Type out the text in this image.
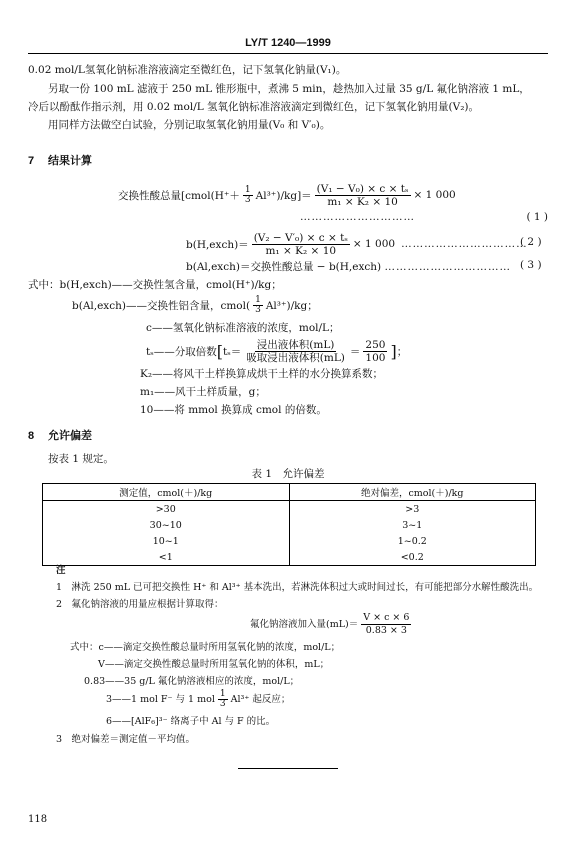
LY/T 1240—1999
0.02 mol/L氢氧化钠标准溶液滴定至微红色，记下氢氧化钠量(V₁)。
另取一份 100 mL 滤液于 250 mL 锥形瓶中，煮沸 5 min，趁热加入过量 35 g/L 氟化钠溶液 1 mL，
冷后以酚酞作指示剂，用 0.02 mol/L 氢氧化钠标准溶液滴定到微红色，记下氢氧化钠用量(V₂)。
用同样方法做空白试验，分别记取氢氧化钠用量(V₀ 和 V′₀)。
7 结果计算
交换性酸总量[cmol(H⁺＋ $\frac{1}{3} Al^{3+})/kg]= \frac{\text{(V₁ − V₀) × c × tₛ}}{\text{m₁ × K₂ × 10}} \times 1$ 000
…………………………	( 1 )
b(H,exch)＝ $\frac{\text{(V₂ − V′₀) × c × tₛ}}{\text{m₁ × K₂ × 10}} \times 1$ 000 ……………………………
( 2 )
b(Al,exch)＝交换性酸总量 − b(H,exch) …………………………… ( 3 )
式中：b(H,exch)——交换性氢含量，cmol(H⁺)/kg；
b(Al,exch)——交换性铝含量，cmol( $\frac{1}{3} Al^{3+})/kg$；
c——氢氧化钠标准溶液的浓度，mol/L；
tₛ——分取倍数 [ $t_s= \frac{\text{浸出液体积(mL)}}{\text{吸取浸出液体积(mL)}} = \frac{250}{100}$ ] ；
K₂——将风干土样换算成烘干土样的水分换算系数；
m₁——风干土样质量，g；
10——将 mmol 换算成 cmol 的倍数。
8 允许偏差
按表 1 规定。
表 1　允许偏差
测定值，cmol(＋)/kg	绝对偏差，cmol(＋)/kg
>30	>3
30~10	3~1
10~1	1~0.2
<1	<0.2
注
1　淋洗 250 mL 已可把交换性 H⁺ 和 Al³⁺ 基本洗出，若淋洗体积过大或时间过长，有可能把部分水解性酸洗出。
2　氟化钠溶液的用量应根据计算取得：
氟化钠溶液加入量$(mL)= \frac{V \times c \times 6}{0.83 \times 3}$
式中：c——滴定交换性酸总量时所用氢氧化钠的浓度，mol/L；
V——滴定交换性酸总量时所用氢氧化钠的体积，mL；
0.83——35 g/L 氟化钠溶液相应的浓度，mol/L；
3——1 mol F⁻ 与 1 mol $\frac{1}{3} Al^{3+}$ 起反应；
6——[AlF₆]³⁻ 络离子中 Al 与 F 的比。
3　绝对偏差＝测定值－平均值。
118
